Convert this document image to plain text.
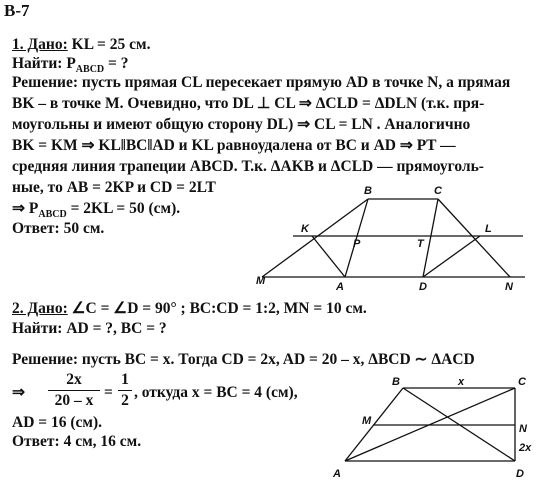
В-7
1. Дано: KL = 25 см.
Найти: $P_{ABCD}$ = ?
Решение: пусть прямая CL пересекает прямую AD в точке N, а прямая
BK – в точке M. Очевидно, что DL ⊥ CL ⇒ ΔCLD = ΔDLN (т.к. пря-
моугольны и имеют общую сторону DL) ⇒ CL = LN . Аналогично
BK = KM ⇒ KL‖BC‖AD и KL равноудалена от BC и AD ⇒ PT —
средняя линия трапеции ABCD. Т.к. ΔAKB и ΔCLD — прямоуголь-
ные, то AB = 2KP и CD = 2LT
⇒ $P_{ABCD} = 2KL = 50$ (см).
Ответ: 50 см.
B	C
K	L
P	T
M	A	D	N
2. Дано: ∠C = ∠D = 90° ; BC:CD = 1:2, MN = 10 см.
Найти: AD = ?, BC = ?
Решение: пусть BC = x. Тогда CD = 2x, AD = 20 – x, ΔBCD ∼ ΔACD
⇒
2x
20 – x =
1
2 , откуда x = BC = 4 (см),
AD = 16 (см).
Ответ: 4 см, 16 см.
B	x	C
M
N
2x
A	D
